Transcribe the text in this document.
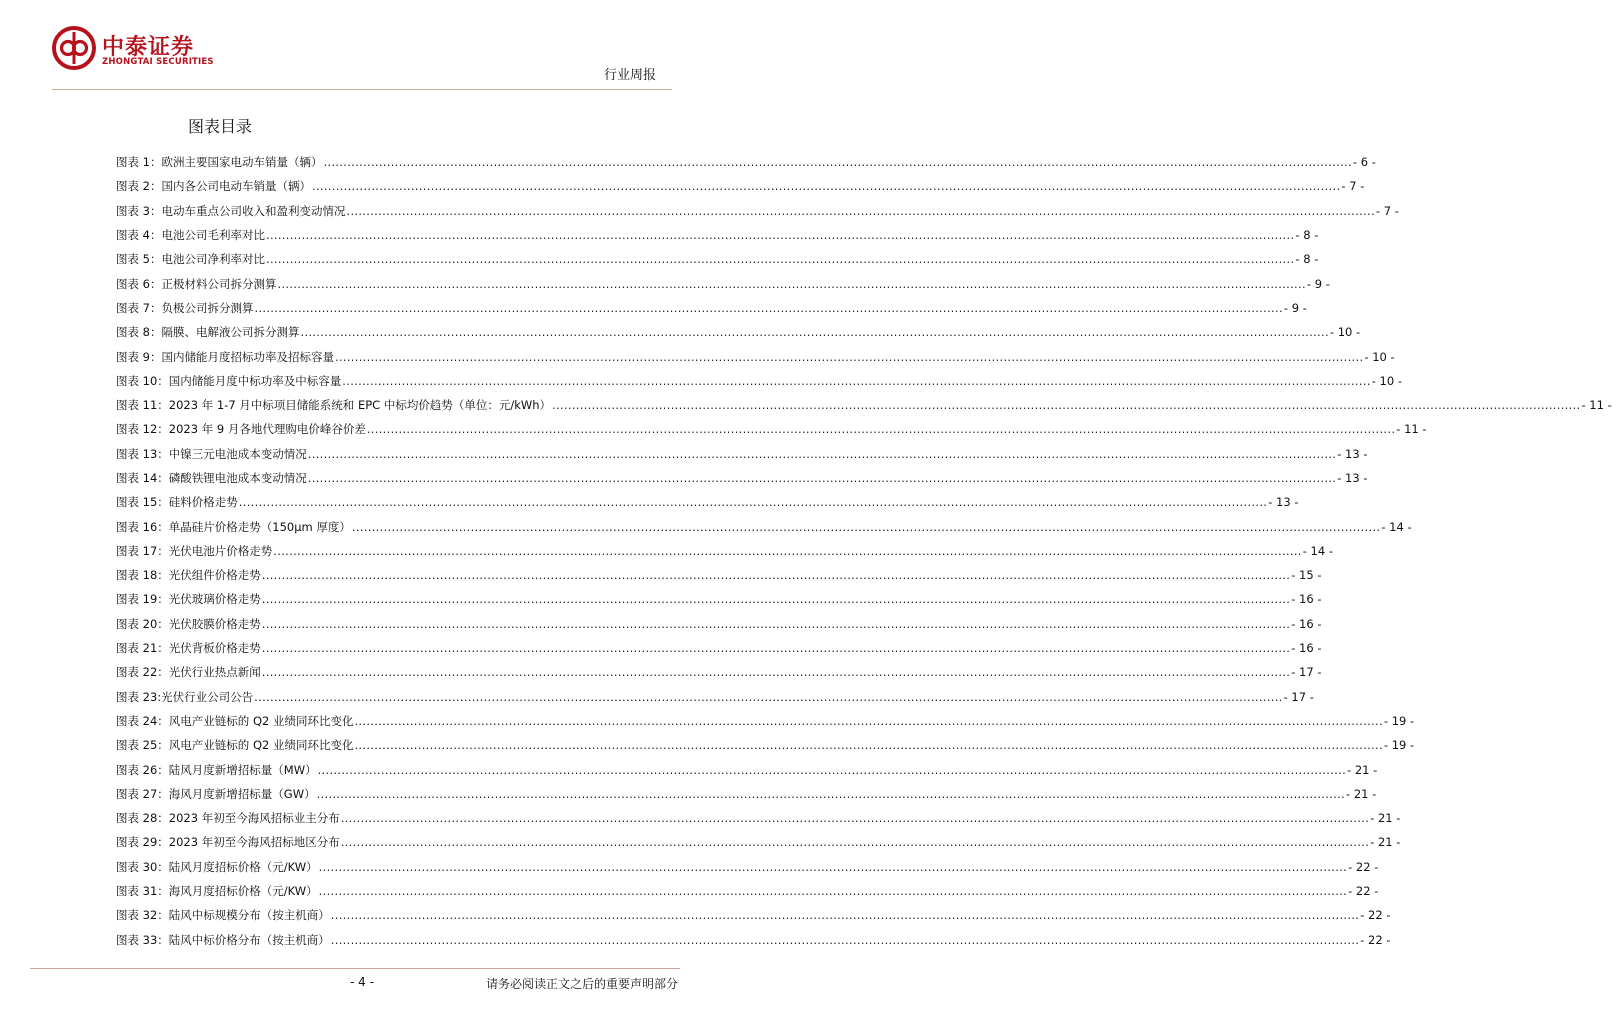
中泰证券
ZHONGTAI SECURITIES
行业周报
图表目录
图表 1：欧洲主要国家电动车销量（辆） .................................................................................................................................................................................................................................................................... - 6 -
图表 2：国内各公司电动车销量（辆） .................................................................................................................................................................................................................................................................... - 7 -
图表 3：电动车重点公司收入和盈利变动情况 .................................................................................................................................................................................................................................................................... - 7 -
图表 4：电池公司毛利率对比 .................................................................................................................................................................................................................................................................... - 8 -
图表 5：电池公司净利率对比 .................................................................................................................................................................................................................................................................... - 8 -
图表 6：正极材料公司拆分测算 .................................................................................................................................................................................................................................................................... - 9 -
图表 7：负极公司拆分测算 .................................................................................................................................................................................................................................................................... - 9 -
图表 8：隔膜、电解液公司拆分测算 .................................................................................................................................................................................................................................................................... - 10 -
图表 9：国内储能月度招标功率及招标容量 .................................................................................................................................................................................................................................................................... - 10 -
图表 10：国内储能月度中标功率及中标容量 .................................................................................................................................................................................................................................................................... - 10 -
图表 11：2023 年 1-7 月中标项目储能系统和 EPC 中标均价趋势（单位：元/kWh） .................................................................................................................................................................................................................................................................... - 11 -
图表 12：2023 年 9 月各地代理购电价峰谷价差 .................................................................................................................................................................................................................................................................... - 11 -
图表 13：中镍三元电池成本变动情况 .................................................................................................................................................................................................................................................................... - 13 -
图表 14：磷酸铁锂电池成本变动情况 .................................................................................................................................................................................................................................................................... - 13 -
图表 15：硅料价格走势 .................................................................................................................................................................................................................................................................... - 13 -
图表 16：单晶硅片价格走势（150μm 厚度） .................................................................................................................................................................................................................................................................... - 14 -
图表 17：光伏电池片价格走势 .................................................................................................................................................................................................................................................................... - 14 -
图表 18：光伏组件价格走势 .................................................................................................................................................................................................................................................................... - 15 -
图表 19：光伏玻璃价格走势 .................................................................................................................................................................................................................................................................... - 16 -
图表 20：光伏胶膜价格走势 .................................................................................................................................................................................................................................................................... - 16 -
图表 21：光伏背板价格走势 .................................................................................................................................................................................................................................................................... - 16 -
图表 22：光伏行业热点新闻 .................................................................................................................................................................................................................................................................... - 17 -
图表 23:光伏行业公司公告 .................................................................................................................................................................................................................................................................... - 17 -
图表 24：风电产业链标的 Q2 业绩同环比变化 .................................................................................................................................................................................................................................................................... - 19 -
图表 25：风电产业链标的 Q2 业绩同环比变化 .................................................................................................................................................................................................................................................................... - 19 -
图表 26：陆风月度新增招标量（MW） .................................................................................................................................................................................................................................................................... - 21 -
图表 27：海风月度新增招标量（GW） .................................................................................................................................................................................................................................................................... - 21 -
图表 28：2023 年初至今海风招标业主分布 .................................................................................................................................................................................................................................................................... - 21 -
图表 29：2023 年初至今海风招标地区分布 .................................................................................................................................................................................................................................................................... - 21 -
图表 30：陆风月度招标价格（元/KW） .................................................................................................................................................................................................................................................................... - 22 -
图表 31：海风月度招标价格（元/KW） .................................................................................................................................................................................................................................................................... - 22 -
图表 32：陆风中标规模分布（按主机商） .................................................................................................................................................................................................................................................................... - 22 -
图表 33：陆风中标价格分布（按主机商） .................................................................................................................................................................................................................................................................... - 22 -
- 4 -	请务必阅读正文之后的重要声明部分
